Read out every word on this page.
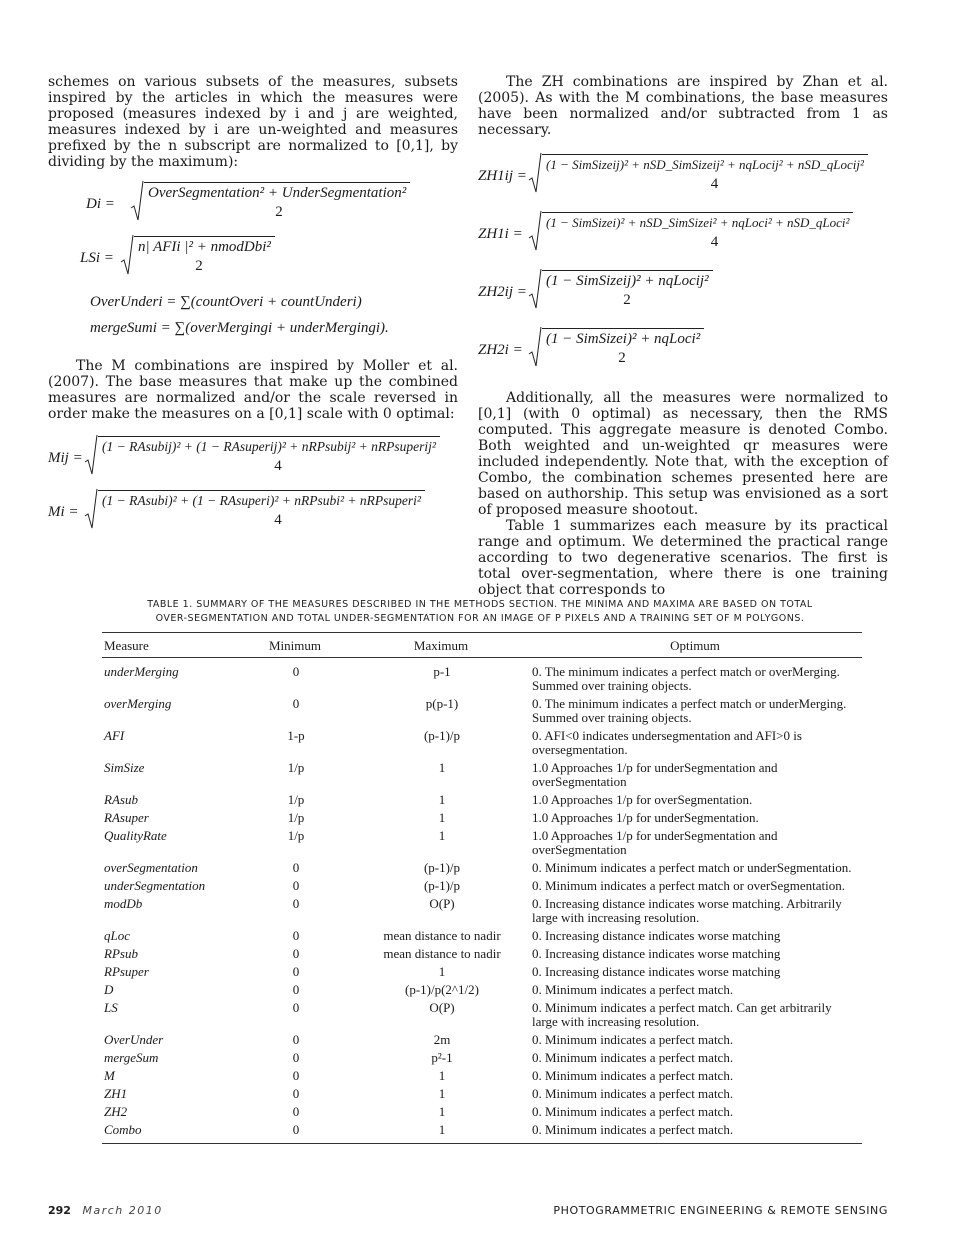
schemes on various subsets of the measures, subsets inspired by the articles in which the measures were proposed (measures indexed by i and j are weighted, measures indexed by i are un-weighted and measures prefixed by the n subscript are normalized to [0,1], by dividing by the maximum):

Di =
OverSegmentation² + UnderSegmentation²
2
LSi =
n| AFIi |² + nmodDbi²
2
OverUnderi = ∑(countOveri + countUnderi)
mergeSumi = ∑(overMergingi + underMergingi).

The M combinations are inspired by Moller et al. (2007). The base measures that make up the combined measures are normalized and/or the scale reversed in order make the measures on a [0,1] scale with 0 optimal:

Mij =
(1 − RAsubij)² + (1 − RAsuperij)² + nRPsubij² + nRPsuperij²
4
Mi =
(1 − RAsubi)² + (1 − RAsuperi)² + nRPsubi² + nRPsuperi²
4

The ZH combinations are inspired by Zhan et al. (2005). As with the M combinations, the base measures have been normalized and/or subtracted from 1 as necessary.

ZH1ij =
(1 − SimSizeij)² + nSD_SimSizeij² + nqLocij² + nSD_qLocij²
4
ZH1i =
(1 − SimSizei)² + nSD_SimSizei² + nqLoci² + nSD_qLoci²
4
ZH2ij =
(1 − SimSizeij)² + nqLocij²
2
ZH2i =
(1 − SimSizei)² + nqLoci²
2

Additionally, all the measures were normalized to [0,1] (with 0 optimal) as necessary, then the RMS computed. This aggregate measure is denoted Combo. Both weighted and un-weighted qr measures were included independently. Note that, with the exception of Combo, the combination schemes presented here are based on authorship. This setup was envisioned as a sort of proposed measure shootout.

Table 1 summarizes each measure by its practical range and optimum. We determined the practical range according to two degenerative scenarios. The first is total over-segmentation, where there is one training object that corresponds to

TABLE 1. SUMMARY OF THE MEASURES DESCRIBED IN THE METHODS SECTION. THE MINIMA AND MAXIMA ARE BASED ON TOTAL
OVER-SEGMENTATION AND TOTAL UNDER-SEGMENTATION FOR AN IMAGE OF P PIXELS AND A TRAINING SET OF M POLYGONS.
Measure	Minimum	Maximum	Optimum
underMerging	0	p-1	0. The minimum indicates a perfect match or overMerging. Summed over training objects.
overMerging	0	p(p-1)	0. The minimum indicates a perfect match or underMerging. Summed over training objects.
AFI	1-p	(p-1)/p	0. AFI<0 indicates undersegmentation and AFI>0 is oversegmentation.
SimSize	1/p	1	1.0 Approaches 1/p for underSegmentation and overSegmentation
RAsub	1/p	1	1.0 Approaches 1/p for overSegmentation.
RAsuper	1/p	1	1.0 Approaches 1/p for underSegmentation.
QualityRate	1/p	1	1.0 Approaches 1/p for underSegmentation and overSegmentation
overSegmentation	0	(p-1)/p	0. Minimum indicates a perfect match or underSegmentation.
underSegmentation	0	(p-1)/p	0. Minimum indicates a perfect match or overSegmentation.
modDb	0	O(P)	0. Increasing distance indicates worse matching. Arbitrarily large with increasing resolution.
qLoc	0	mean distance to nadir	0. Increasing distance indicates worse matching
RPsub	0	mean distance to nadir	0. Increasing distance indicates worse matching
RPsuper	0	1	0. Increasing distance indicates worse matching
D	0	(p-1)/p(2^1/2)	0. Minimum indicates a perfect match.
LS	0	O(P)	0. Minimum indicates a perfect match. Can get arbitrarily large with increasing resolution.
OverUnder	0	2m	0. Minimum indicates a perfect match.
mergeSum	0	p²-1	0. Minimum indicates a perfect match.
M	0	1	0. Minimum indicates a perfect match.
ZH1	0	1	0. Minimum indicates a perfect match.
ZH2	0	1	0. Minimum indicates a perfect match.
Combo	0	1	0. Minimum indicates a perfect match.
292 March 2010	PHOTOGRAMMETRIC ENGINEERING & REMOTE SENSING
